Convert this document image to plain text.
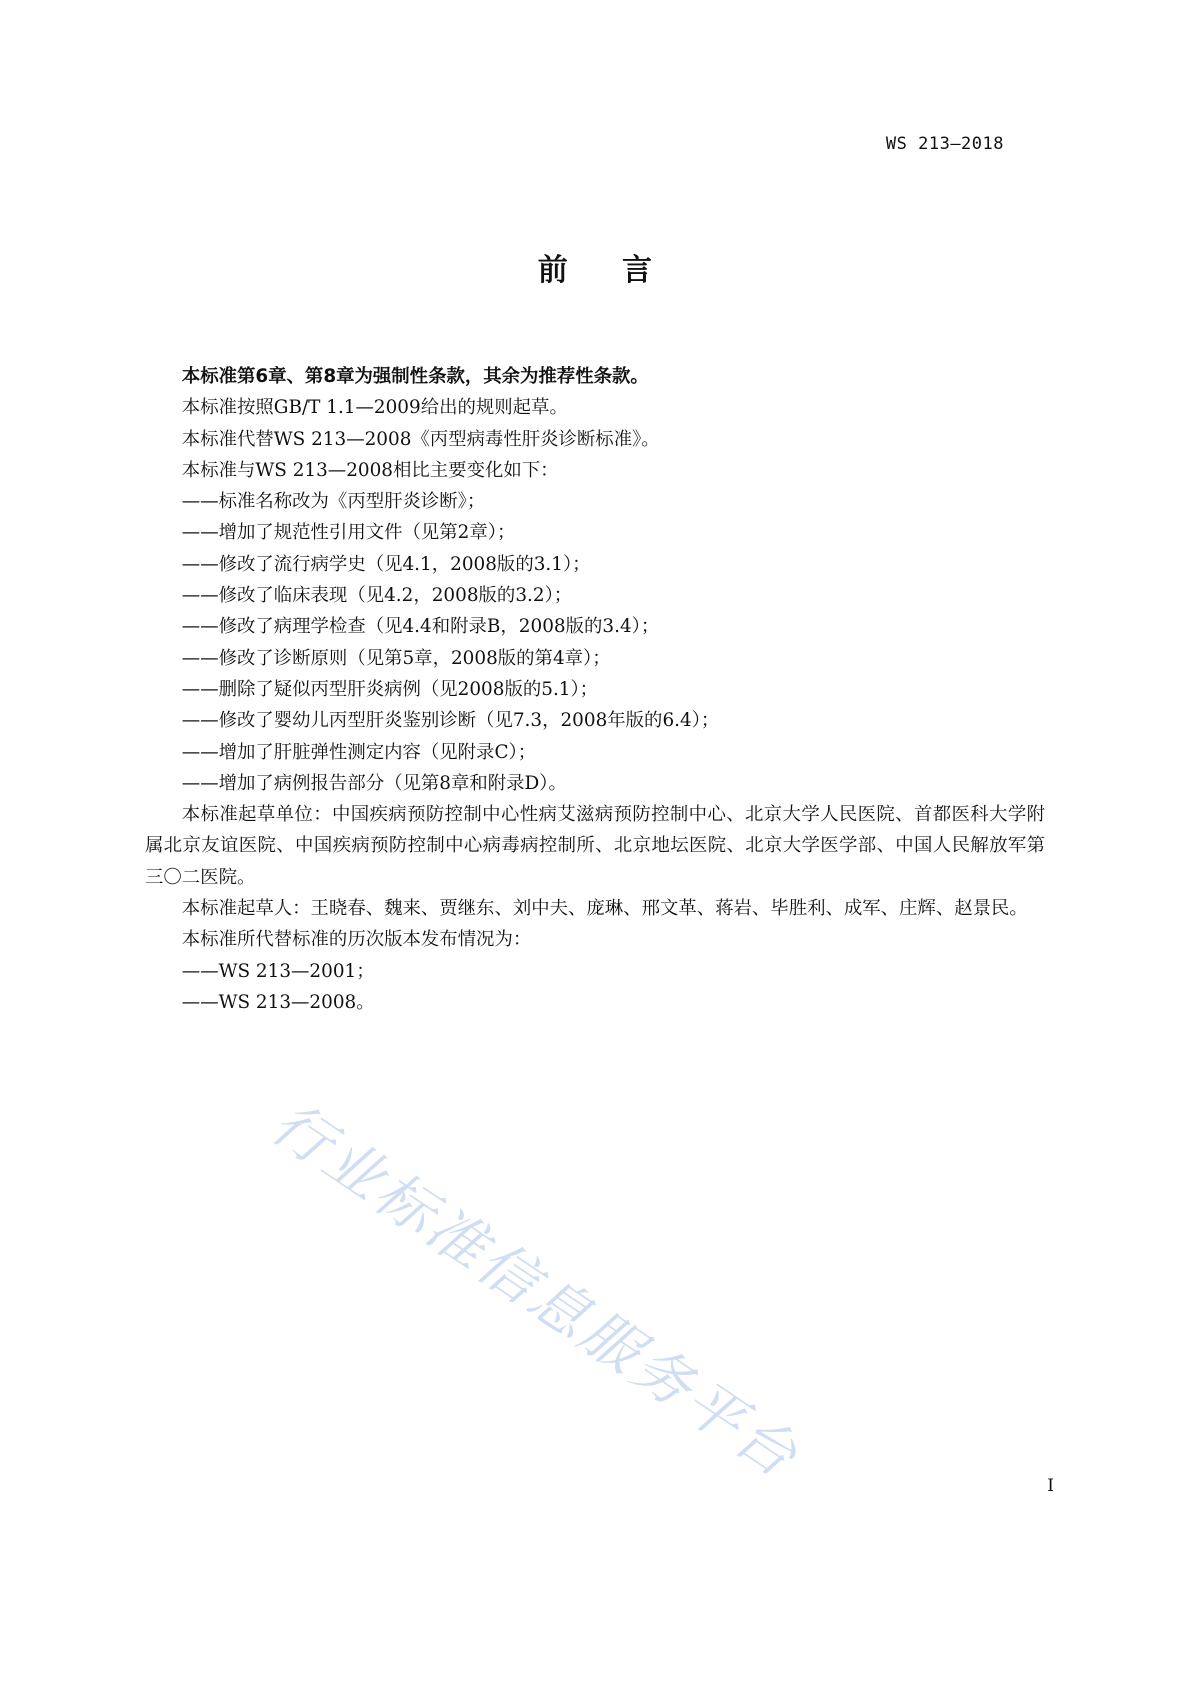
WS 213—2018
前 言

本标准第6章、第8章为强制性条款，其余为推荐性条款。

本标准按照GB/T 1.1—2009给出的规则起草。

本标准代替WS 213—2008《丙型病毒性肝炎诊断标准》。

本标准与WS 213—2008相比主要变化如下：

——标准名称改为《丙型肝炎诊断》；

——增加了规范性引用文件（见第2章）；

——修改了流行病学史（见4.1，2008版的3.1）；

——修改了临床表现（见4.2，2008版的3.2）；

——修改了病理学检查（见4.4和附录B，2008版的3.4）；

——修改了诊断原则（见第5章，2008版的第4章）；

——删除了疑似丙型肝炎病例（见2008版的5.1）；

——修改了婴幼儿丙型肝炎鉴别诊断（见7.3，2008年版的6.4）；

——增加了肝脏弹性测定内容（见附录C）；

——增加了病例报告部分（见第8章和附录D）。

本标准起草单位：中国疾病预防控制中心性病艾滋病预防控制中心、北京大学人民医院、首都医科大学附属北京友谊医院、中国疾病预防控制中心病毒病控制所、北京地坛医院、北京大学医学部、中国人民解放军第三〇二医院。

本标准起草人：王晓春、魏来、贾继东、刘中夫、庞琳、邢文革、蒋岩、毕胜利、成军、庄辉、赵景民。

本标准所代替标准的历次版本发布情况为：

——WS 213—2001；

——WS 213—2008。

行业标准信息服务平台	I
